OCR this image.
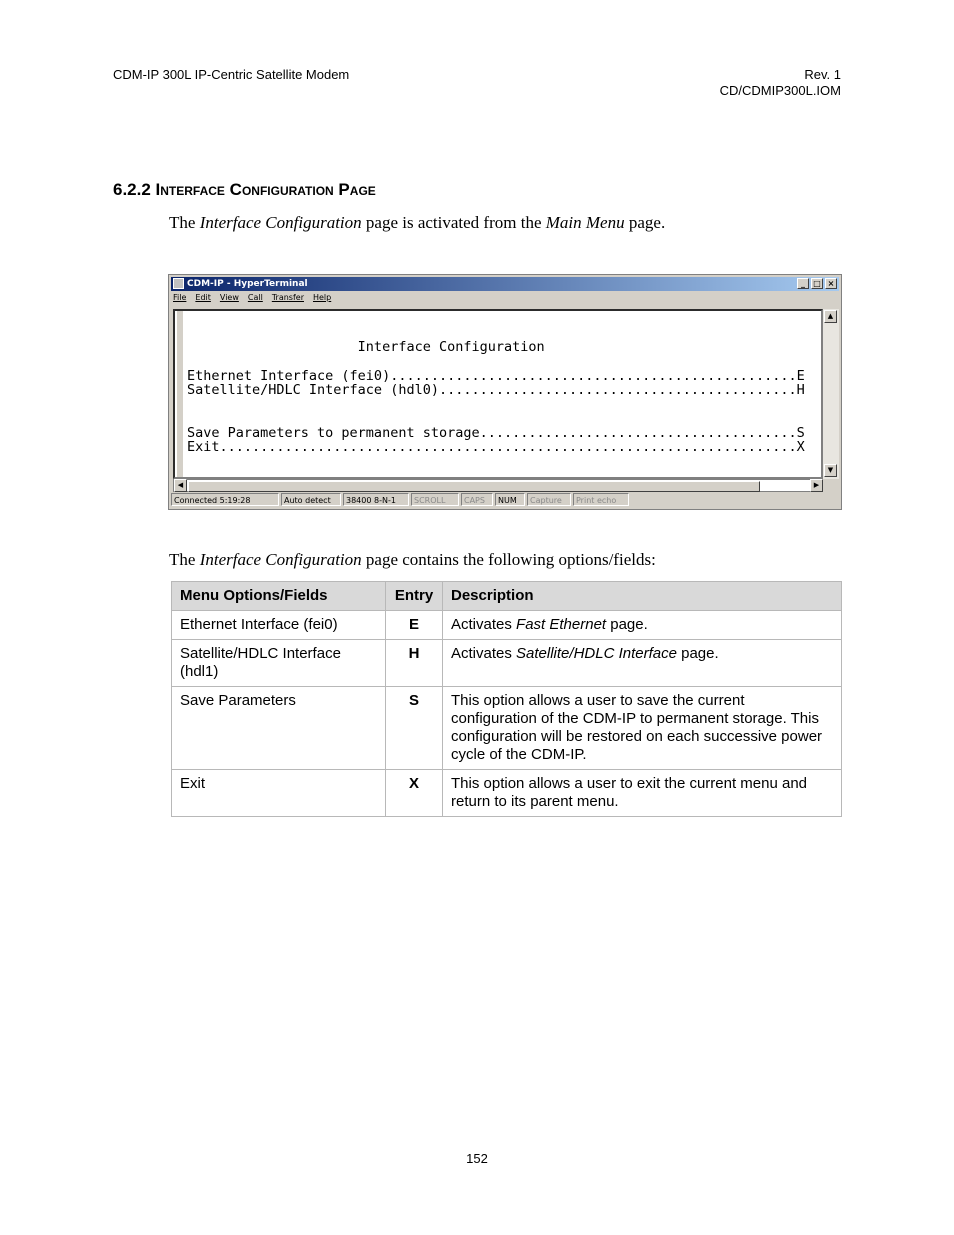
CDM-IP 300L IP-Centric Satellite Modem	Rev. 1
CD/CDMIP300L.IOM
6.2.2 Interface Configuration Page
The Interface Configuration page is activated from the Main Menu page.
CDM-IP - HyperTerminal	_	□ ×
File Edit View Call Transfer Help
Interface Configuration
Ethernet Interface (fei0)..................................................E
Satellite/HDLC Interface (hdl0)............................................H
Save Parameters to permanent storage.......................................S
Exit.......................................................................X
▲
▼
◀	▶
Connected 5:19:28	Auto detect	38400 8-N-1	SCROLL	CAPS	NUM	Capture	Print echo
The Interface Configuration page contains the following options/fields:
Menu Options/Fields	Entry	Description
Ethernet Interface (fei0)	E	Activates Fast Ethernet page.
Satellite/HDLC Interface (hdl1)	H	Activates Satellite/HDLC Interface page.
Save Parameters	S	This option allows a user to save the current configuration of the CDM-IP to permanent storage. This configuration will be restored on each successive power cycle of the CDM-IP.
Exit	X	This option allows a user to exit the current menu and return to its parent menu.
152
